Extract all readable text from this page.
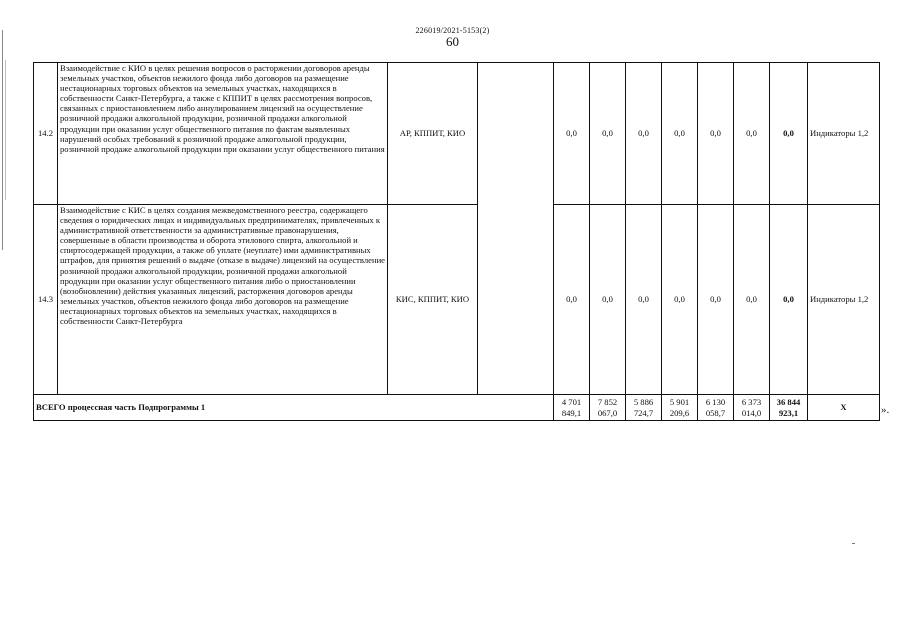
226019/2021-5153(2)
60
14.2	Взаимодействие с КИО в целях решения вопросов о расторжении договоров аренды земельных участков, объектов нежилого фонда либо договоров на размещение нестационарных торговых объектов на земельных участках, находящихся в собственности Санкт-Петербурга, а также с КППИТ в целях рассмотрения вопросов, связанных с приостановлением либо аннулированием лицензий на осуществление розничной продажи алкогольной продукции, розничной продажи алкогольной продукции при оказании услуг общественного питания по фактам выявленных нарушений особых требований к розничной продаже алкогольной продукции, розничной продаже алкогольной продукции при оказании услуг общественного питания	АР, КППИТ, КИО		0,0	0,0	0,0	0,0	0,0	0,0	0,0	Индикаторы 1,2
14.3	Взаимодействие с КИС в целях создания межведомственного реестра, содержащего сведения о юридических лицах и индивидуальных предпринимателях, привлеченных к административной ответственности за административные правонарушения, совершенные в области производства и оборота этилового спирта, алкогольной и спиртосодержащей продукции, а также об уплате (неуплате) ими административных штрафов, для принятия решений о выдаче (отказе в выдаче) лицензий на осуществление розничной продажи алкогольной продукции, розничной продажи алкогольной продукции при оказании услуг общественного питания либо о приостановлении (возобновлении) действия указанных лицензий, расторжения договоров аренды земельных участков, объектов нежилого фонда либо договоров на размещение нестационарных торговых объектов на земельных участках, находящихся в собственности Санкт-Петербурга	КИС, КППИТ, КИО		0,0	0,0	0,0	0,0	0,0	0,0	0,0	Индикаторы 1,2
ВСЕГО процессная часть Подпрограммы 1				4 701 849,1	7 852 067,0	5 886 724,7	5 901 209,6	6 130 058,7	6 373 014,0	36 844 923,1	Х	».
